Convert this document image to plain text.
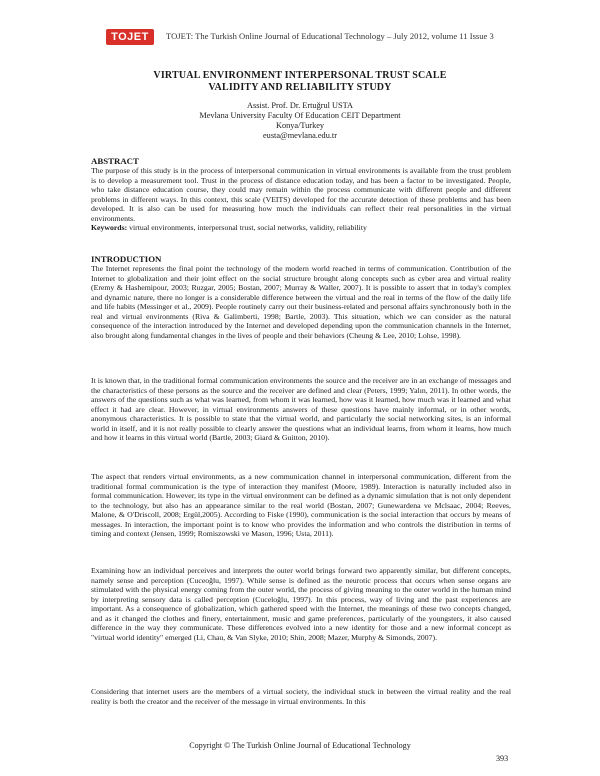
TOJET	TOJET: The Turkish Online Journal of Educational Technology – July 2012, volume 11 Issue 3
VIRTUAL ENVIRONMENT INTERPERSONAL TRUST SCALE
VALIDITY AND RELIABILITY STUDY
Assist. Prof. Dr. Ertuğrul USTA
Mevlana University Faculty Of Education CEIT Department
Konya/Turkey
eusta@mevlana.edu.tr
ABSTRACT

The purpose of this study is in the process of interpersonal communication in virtual environments is available from the trust problem is to develop a measurement tool. Trust in the process of distance education today, and has been a factor to be investigated. People, who take distance education course, they could may remain within the process communicate with different people and different problems in different ways. In this context, this scale (VEITS) developed for the accurate detection of these problems and has been developed. It is also can be used for measuring how much the individuals can reflect their real personalities in the virtual environments.

Keywords: virtual environments, interpersonal trust, social networks, validity, reliability

INTRODUCTION

The Internet represents the final point the technology of the modern world reached in terms of communication. Contribution of the Internet to globalization and their joint effect on the social structure brought along concepts such as cyber area and virtual reality (Eremy & Hashemipour, 2003; Ruzgar, 2005; Bostan, 2007; Murray & Waller, 2007). It is possible to assert that in today's complex and dynamic nature, there no longer is a considerable difference between the virtual and the real in terms of the flow of the daily life and life habits (Messinger et al., 2009). People routinely carry out their business-related and personal affairs synchronously both in the real and virtual environments (Riva & Galimberti, 1998; Bartle, 2003). This situation, which we can consider as the natural consequence of the interaction introduced by the Internet and developed depending upon the communication channels in the Internet, also brought along fundamental changes in the lives of people and their behaviors (Cheung & Lee, 2010; Lohse, 1998).

It is known that, in the traditional formal communication environments the source and the receiver are in an exchange of messages and the characteristics of these persons as the source and the receiver are defined and clear (Peters, 1999; Yalın, 2011). In other words, the answers of the questions such as what was learned, from whom it was learned, how was it learned, how much was it learned and what effect it had are clear. However, in virtual environments answers of these questions have mainly informal, or in other words, anonymous characteristics. It is possible to state that the virtual world, and particularly the social networking sites, is an informal world in itself, and it is not really possible to clearly answer the questions what an individual learns, from whom it learns, how much and how it learns in this virtual world (Bartle, 2003; Giard & Guitton, 2010).

The aspect that renders virtual environments, as a new communication channel in interpersonal communication, different from the traditional formal communication is the type of interaction they manifest (Moore, 1989). Interaction is naturally included also in formal communication. However, its type in the virtual environment can be defined as a dynamic simulation that is not only dependent to the technology, but also has an appearance similar to the real world (Bostan, 2007; Gunewardena ve Mclsaac, 2004; Reeves, Malone, & O'Driscoll, 2008; Ergül,2005). According to Fiske (1990), communication is the social interaction that occurs by means of messages. In interaction, the important point is to know who provides the information and who controls the distribution in terms of timing and context (Jensen, 1999; Romiszowski ve Mason, 1996; Usta, 2011).

Examining how an individual perceives and interprets the outer world brings forward two apparently similar, but different concepts, namely sense and perception (Cucеoğlu, 1997). While sense is defined as the neurotic process that occurs when sense organs are stimulated with the physical energy coming from the outer world, the process of giving meaning to the outer world in the human mind by interpreting sensory data is called perception (Cucеloğlu, 1997). In this process, way of living and the past experiences are important. As a consequence of globalization, which gathered speed with the Internet, the meanings of these two concepts changed, and as it changed the clothes and finery, entertainment, music and game preferences, particularly of the youngsters, it also caused difference in the way they communicate. These differences evolved into a new identity for those and a new informal concept as "virtual world identity" emerged (Li, Chau, & Van Slyke, 2010; Shin, 2008; Mazer, Murphy & Simonds, 2007).

Considering that internet users are the members of a virtual society, the individual stuck in between the virtual reality and the real reality is both the creator and the receiver of the message in virtual environments. In this

Copyright © The Turkish Online Journal of Educational Technology
393
